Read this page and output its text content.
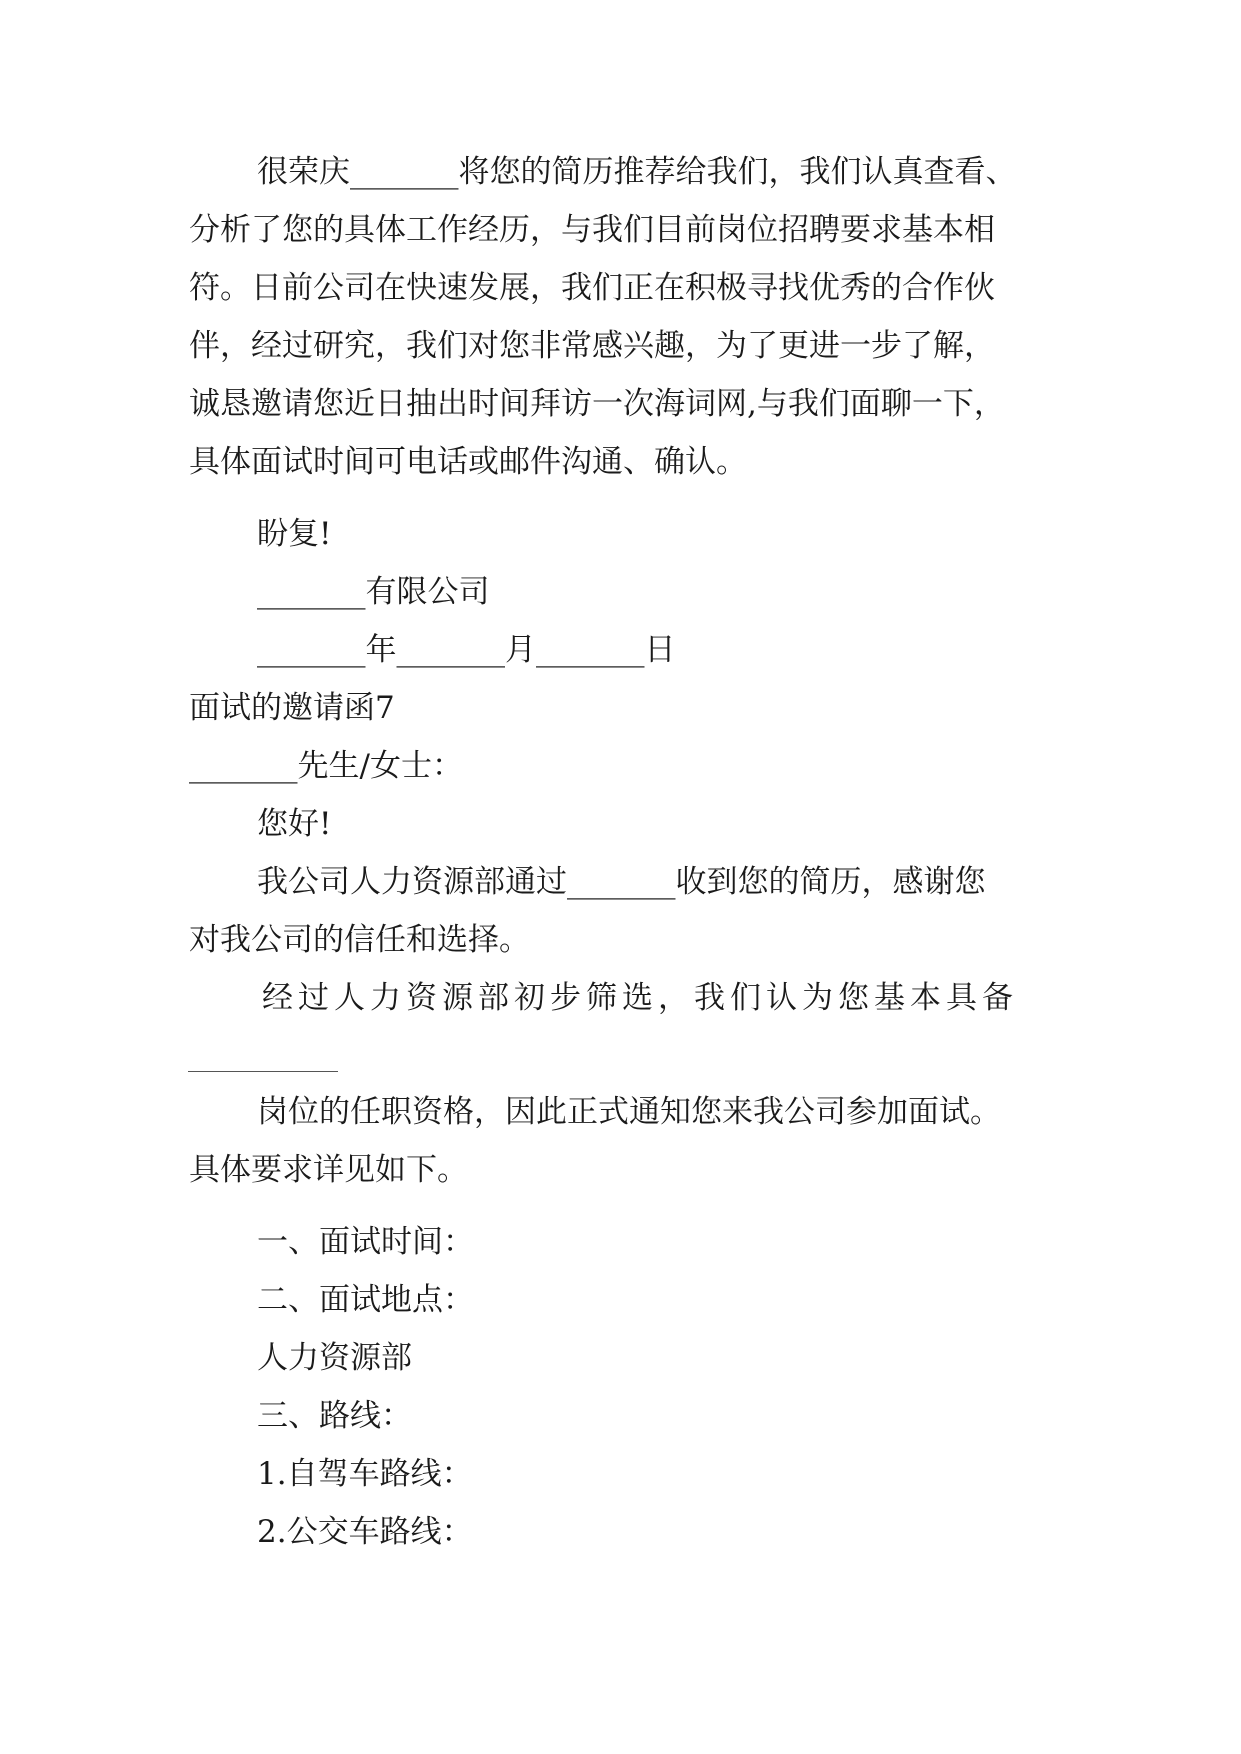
很荣庆_______将您的简历推荐给我们，我们认真查看、
分析了您的具体工作经历，与我们目前岗位招聘要求基本相
符。日前公司在快速发展，我们正在积极寻找优秀的合作伙
伴，经过研究，我们对您非常感兴趣，为了更进一步了解，
诚恳邀请您近日抽出时间拜访一次海词网,与我们面聊一下，
具体面试时间可电话或邮件沟通、确认。
盼复!
_______有限公司
_______年_______月_______日
面试的邀请函7
_______先生/女士：
您好!
我公司人力资源部通过_______收到您的简历，感谢您
对我公司的信任和选择。
经过人力资源部初步筛选，我们认为您基本具备
岗位的任职资格，因此正式通知您来我公司参加面试。
具体要求详见如下。
一、面试时间：
二、面试地点：
人力资源部
三、路线：
1.自驾车路线：
2.公交车路线：
